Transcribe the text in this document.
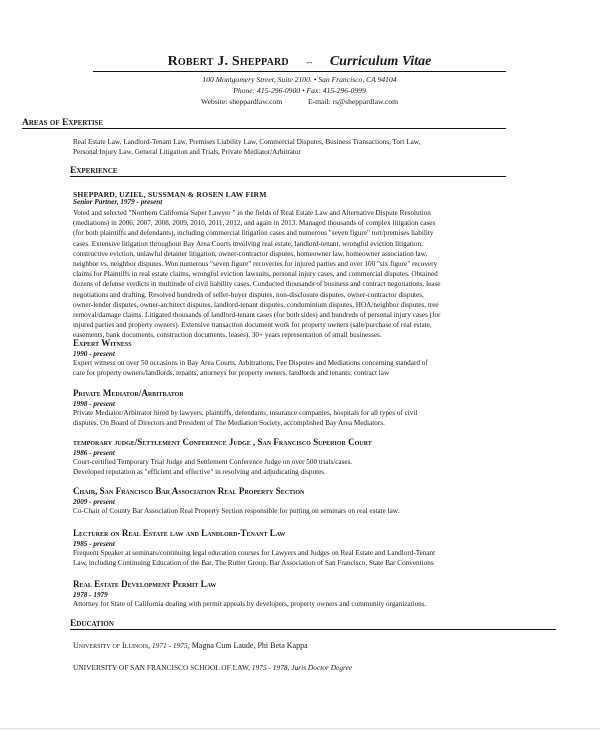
Robert J. Sheppard -- Curriculum Vitae
100 Montgomery Street, Suite 2100. • San Francisco, CA 94104
Phone: 415-296-0900 • Fax: 415-296-0999
Website: sheppardlaw.com	E-mail: rs@sheppardlaw.com
Areas of Expertise
Real Estate Law, Landlord-Tenant Law, Premises Liability Law, Commercial Disputes, Business Transactions, Tort Law,
Personal Injury Law, General Litigation and Trials, Private Mediator/Arbitrator
Experience
SHEPPARD, UZIEL, SUSSMAN & ROSEN LAW FIRM
Senior Partner, 1979 - present
Voted and selected "Northern California Super Lawyer " in the fields of Real Estate Law and Alternative Dispute Resolution
(mediations) in 2006, 2007, 2008, 2009, 2010, 2011, 2012, and again in 2013. Managed thousands of complex litigation cases
(for both plaintiffs and defendants), including commercial litigation cases and numerous "seven figure" tort/premises liability
cases. Extensive litigation throughout Bay Area Courts involving real estate, landlord-tenant, wrongful eviction litigation,
constructive eviction, unlawful detainer litigation, owner-contractor disputes, homeowner law, homeowner association law,
neighbor vs. neighbor disputes. Won numerous "seven figure" recoveries for injured parties and over 100 "six figure" recovery
claims for Plaintiffs in real estate claims, wrongful eviction lawsuits, personal injury cases, and commercial disputes. Obtained
dozens of defense verdicts in multitude of civil liability cases. Conducted thousands of business and contract negotiations, lease
negotiations and drafting. Resolved hundreds of seller-buyer disputes, non-disclosure disputes, owner-contractor disputes,
owner-lender disputes, owner-architect disputes, landlord-tenant disputes, condominium disputes, HOA/neighbor disputes, tree
removal/damage claims. Litigated thousands of landlord-tenant cases (for both sides) and hundreds of personal injury cases (for
injured parties and property owners). Extensive transaction document work for property owners (sale/purchase of real estate,
easements, bank documents, construction documents, leases). 30+ years representation of small businesses.
Expert Witness
1990 - present
Expert witness on over 50 occasions in Bay Area Courts, Arbitrations, Fee Disputes and Mediations concerning standard of
care for property owners/landlords, tenants, attorneys for property owners, landlords and tenants; contract law
Private Mediator/Arbitrator
1998 - present
Private Mediator/Arbitrator hired by lawyers, plaintiffs, defendants, insurance companies, hospitals for all types of civil
disputes. On Board of Directors and President of The Mediation Society, accomplished Bay Area Mediators.
temporary judge/Settlement Conference Judge , San Francisco Superior Court
1986 - present
Court-certified Temporary Trial Judge and Settlement Conference Judge on over 500 trials/cases.
Developed reputation as "efficient and effective" in resolving and adjudicating disputes.
Chair, San Francisco Bar Association Real Property Section
2009 - present
Co-Chair of County Bar Association Real Property Section responsible for putting on seminars on real estate law.
Lecturer on Real Estate law and Landlord-Tenant Law
1985 - present
Frequent Speaker at seminars/continuing legal education courses for Lawyers and Judges on Real Estate and Landlord-Tenant
Law, including Continuing Education of the Bar, The Rutter Group, Bar Association of San Francisco, State Bar Conventions
Real Estate Development Permit Law
1978 - 1979
Attorney for State of California dealing with permit appeals by developers, property owners and community organizations.
Education
University of Illinois, 1971 - 1975, Magna Cum Laude, Phi Beta Kappa
UNIVERSITY OF SAN FRANCISCO SCHOOL OF LAW, 1975 - 1978, Juris Doctor Degree
